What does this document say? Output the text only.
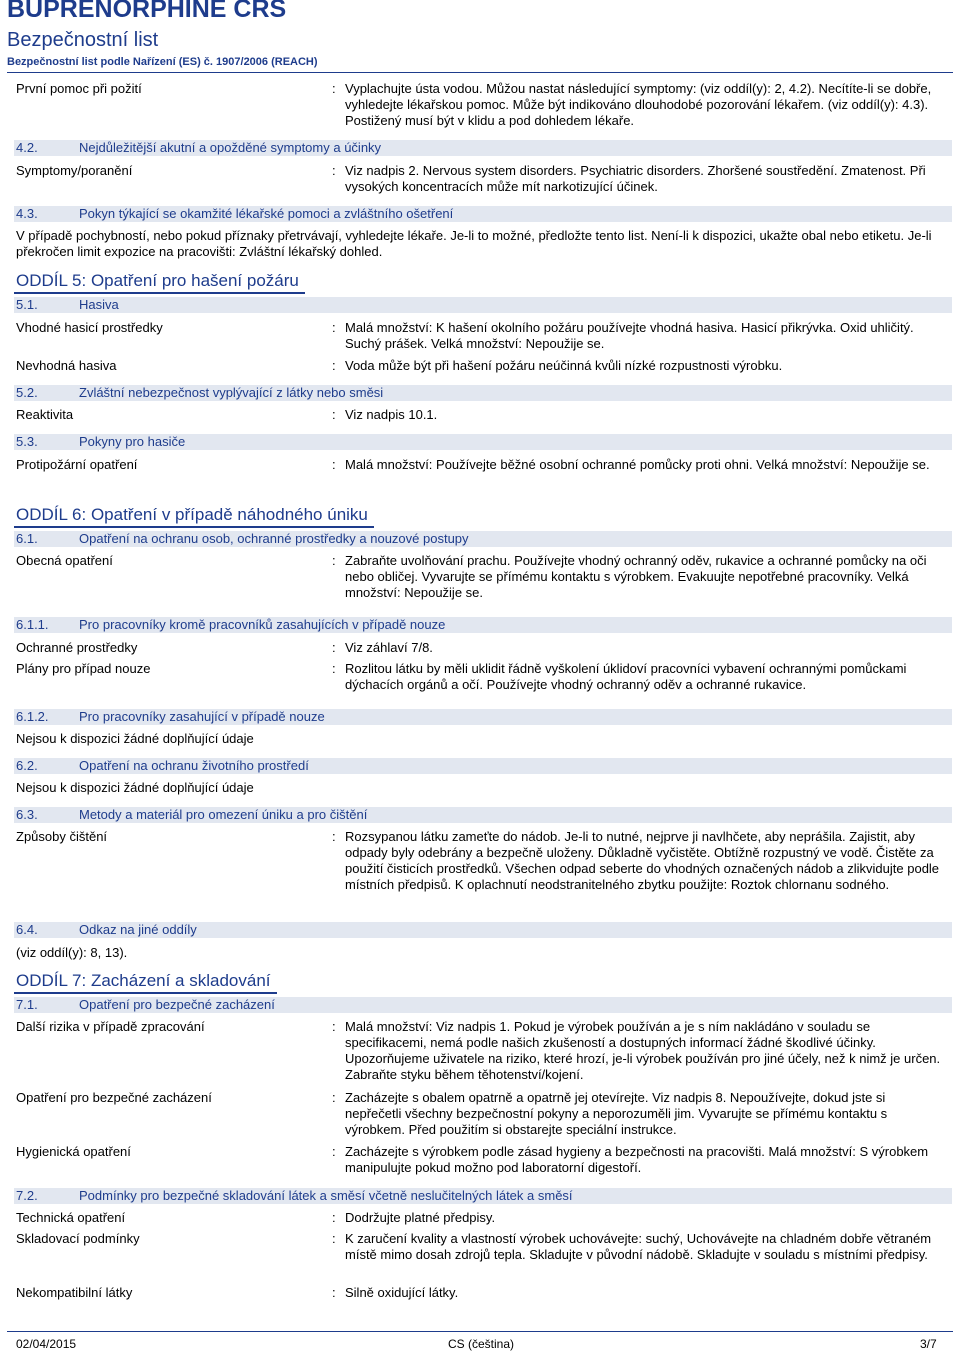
BUPRENORPHINE CRS
Bezpečnostní list
Bezpečnostní list podle Nařízení (ES) č. 1907/2006 (REACH)
První pomoc při požití	: Vyplachujte ústa vodou. Můžou nastat následující symptomy: (viz oddíl(y): 2, 4.2). Necítíte-li se dobře, vyhledejte lékařskou pomoc. Může být indikováno dlouhodobé pozorování lékařem. (viz oddíl(y): 4.3). Postižený musí být v klidu a pod dohledem lékaře.
4.2.	Nejdůležitější akutní a opožděné symptomy a účinky
Symptomy/poranění	: Viz nadpis 2. Nervous system disorders. Psychiatric disorders. Zhoršené soustředění. Zmatenost. Při vysokých koncentracích může mít narkotizující účinek.
4.3.	Pokyn týkající se okamžité lékařské pomoci a zvláštního ošetření
V případě pochybností, nebo pokud příznaky přetrvávají, vyhledejte lékaře. Je-li to možné, předložte tento list. Není-li k dispozici, ukažte obal nebo etiketu. Je-li překročen limit expozice na pracovišti: Zvláštní lékařský dohled.
ODDÍL 5: Opatření pro hašení požáru
5.1.	Hasiva
Vhodné hasicí prostředky	: Malá množství: K hašení okolního požáru používejte vhodná hasiva. Hasicí přikrývka. Oxid uhličitý. Suchý prášek. Velká množství: Nepoužije se.
Nevhodná hasiva	: Voda může být při hašení požáru neúčinná kvůli nízké rozpustnosti výrobku.
5.2.	Zvláštní nebezpečnost vyplývající z látky nebo směsi
Reaktivita	: Viz nadpis 10.1.
5.3.	Pokyny pro hasiče
Protipožární opatření	: Malá množství: Používejte běžné osobní ochranné pomůcky proti ohni. Velká množství: Nepoužije se.
ODDÍL 6: Opatření v případě náhodného úniku
6.1.	Opatření na ochranu osob, ochranné prostředky a nouzové postupy
Obecná opatření	: Zabraňte uvolňování prachu. Používejte vhodný ochranný oděv, rukavice a ochranné pomůcky na oči nebo obličej. Vyvarujte se přímému kontaktu s výrobkem. Evakuujte nepotřebné pracovníky. Velká množství: Nepoužije se.
6.1.1. Pro pracovníky kromě pracovníků zasahujících v případě nouze
Ochranné prostředky	: Viz záhlaví 7/8.
Plány pro případ nouze	: Rozlitou látku by měli uklidit řádně vyškolení úklidoví pracovníci vybavení ochrannými pomůckami dýchacích orgánů a očí. Používejte vhodný ochranný oděv a ochranné rukavice.
6.1.2. Pro pracovníky zasahující v případě nouze
Nejsou k dispozici žádné doplňující údaje
6.2.	Opatření na ochranu životního prostředí
Nejsou k dispozici žádné doplňující údaje
6.3.	Metody a materiál pro omezení úniku a pro čištění
Způsoby čištění	: Rozsypanou látku zameťte do nádob. Je-li to nutné, nejprve ji navlhčete, aby neprášila. Zajistit, aby odpady byly odebrány a bezpečně uloženy. Důkladně vyčistěte. Obtížně rozpustný ve vodě. Čistěte za použití čisticích prostředků. Všechen odpad seberte do vhodných označených nádob a zlikvidujte podle místních předpisů. K oplachnutí neodstranitelného zbytku použijte: Roztok chlornanu sodného.
6.4.	Odkaz na jiné oddíly
(viz oddíl(y): 8, 13).
ODDÍL 7: Zacházení a skladování
7.1.	Opatření pro bezpečné zacházení
Další rizika v případě zpracování	: Malá množství: Viz nadpis 1. Pokud je výrobek používán a je s ním nakládáno v souladu se specifikacemi, nemá podle našich zkušeností a dostupných informací žádné škodlivé účinky. Upozorňujeme uživatele na riziko, které hrozí, je-li výrobek používán pro jiné účely, než k nimž je určen. Zabraňte styku během těhotenství/kojení.
Opatření pro bezpečné zacházení	: Zacházejte s obalem opatrně a opatrně jej otevírejte. Viz nadpis 8. Nepoužívejte, dokud jste si nepřečetli všechny bezpečnostní pokyny a neporozuměli jim. Vyvarujte se přímému kontaktu s výrobkem. Před použitím si obstarejte speciální instrukce.
Hygienická opatření	: Zacházejte s výrobkem podle zásad hygieny a bezpečnosti na pracovišti. Malá množství: S výrobkem manipulujte pokud možno pod laboratorní digestoří.
7.2.	Podmínky pro bezpečné skladování látek a směsí včetně neslučitelných látek a směsí
Technická opatření	: Dodržujte platné předpisy.
Skladovací podmínky	: K zaručení kvality a vlastností výrobek uchovávejte: suchý, Uchovávejte na chladném dobře větraném místě mimo dosah zdrojů tepla. Skladujte v původní nádobě. Skladujte v souladu s místními předpisy.
Nekompatibilní látky	: Silně oxidující látky.
02/04/2015	CS (čeština)	3/7
